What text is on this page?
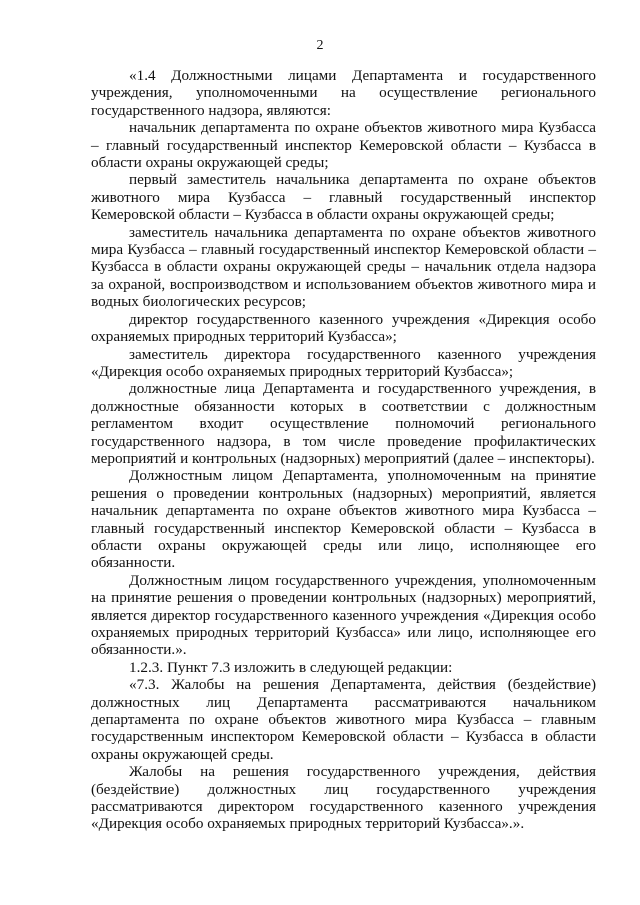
2

«1.4 Должностными лицами Департамента и государственного учреждения, уполномоченными на осуществление регионального государственного надзора, являются:

начальник департамента по охране объектов животного мира Кузбасса – главный государственный инспектор Кемеровской области – Кузбасса в области охраны окружающей среды;

первый заместитель начальника департамента по охране объектов животного мира Кузбасса – главный государственный инспектор Кемеровской области – Кузбасса в области охраны окружающей среды;

заместитель начальника департамента по охране объектов животного мира Кузбасса – главный государственный инспектор Кемеровской области – Кузбасса в области охраны окружающей среды – начальник отдела надзора за охраной, воспроизводством и использованием объектов животного мира и водных биологических ресурсов;

директор государственного казенного учреждения «Дирекция особо охраняемых природных территорий Кузбасса»;

заместитель директора государственного казенного учреждения «Дирекция особо охраняемых природных территорий Кузбасса»;

должностные лица Департамента и государственного учреждения, в должностные обязанности которых в соответствии с должностным регламентом входит осуществление полномочий регионального государственного надзора, в том числе проведение профилактических мероприятий и контрольных (надзорных) мероприятий (далее – инспекторы).

Должностным лицом Департамента, уполномоченным на принятие решения о проведении контрольных (надзорных) мероприятий, является начальник департамента по охране объектов животного мира Кузбасса – главный государственный инспектор Кемеровской области – Кузбасса в области охраны окружающей среды или лицо, исполняющее его обязанности.

Должностным лицом государственного учреждения, уполномоченным на принятие решения о проведении контрольных (надзорных) мероприятий, является директор государственного казенного учреждения «Дирекция особо охраняемых природных территорий Кузбасса» или лицо, исполняющее его обязанности.».

1.2.3. Пункт 7.3 изложить в следующей редакции:

«7.3. Жалобы на решения Департамента, действия (бездействие) должностных лиц Департамента рассматриваются начальником департамента по охране объектов животного мира Кузбасса – главным государственным инспектором Кемеровской области – Кузбасса в области охраны окружающей среды.

Жалобы на решения государственного учреждения, действия (бездействие) должностных лиц государственного учреждения рассматриваются директором государственного казенного учреждения «Дирекция особо охраняемых природных территорий Кузбасса».».
